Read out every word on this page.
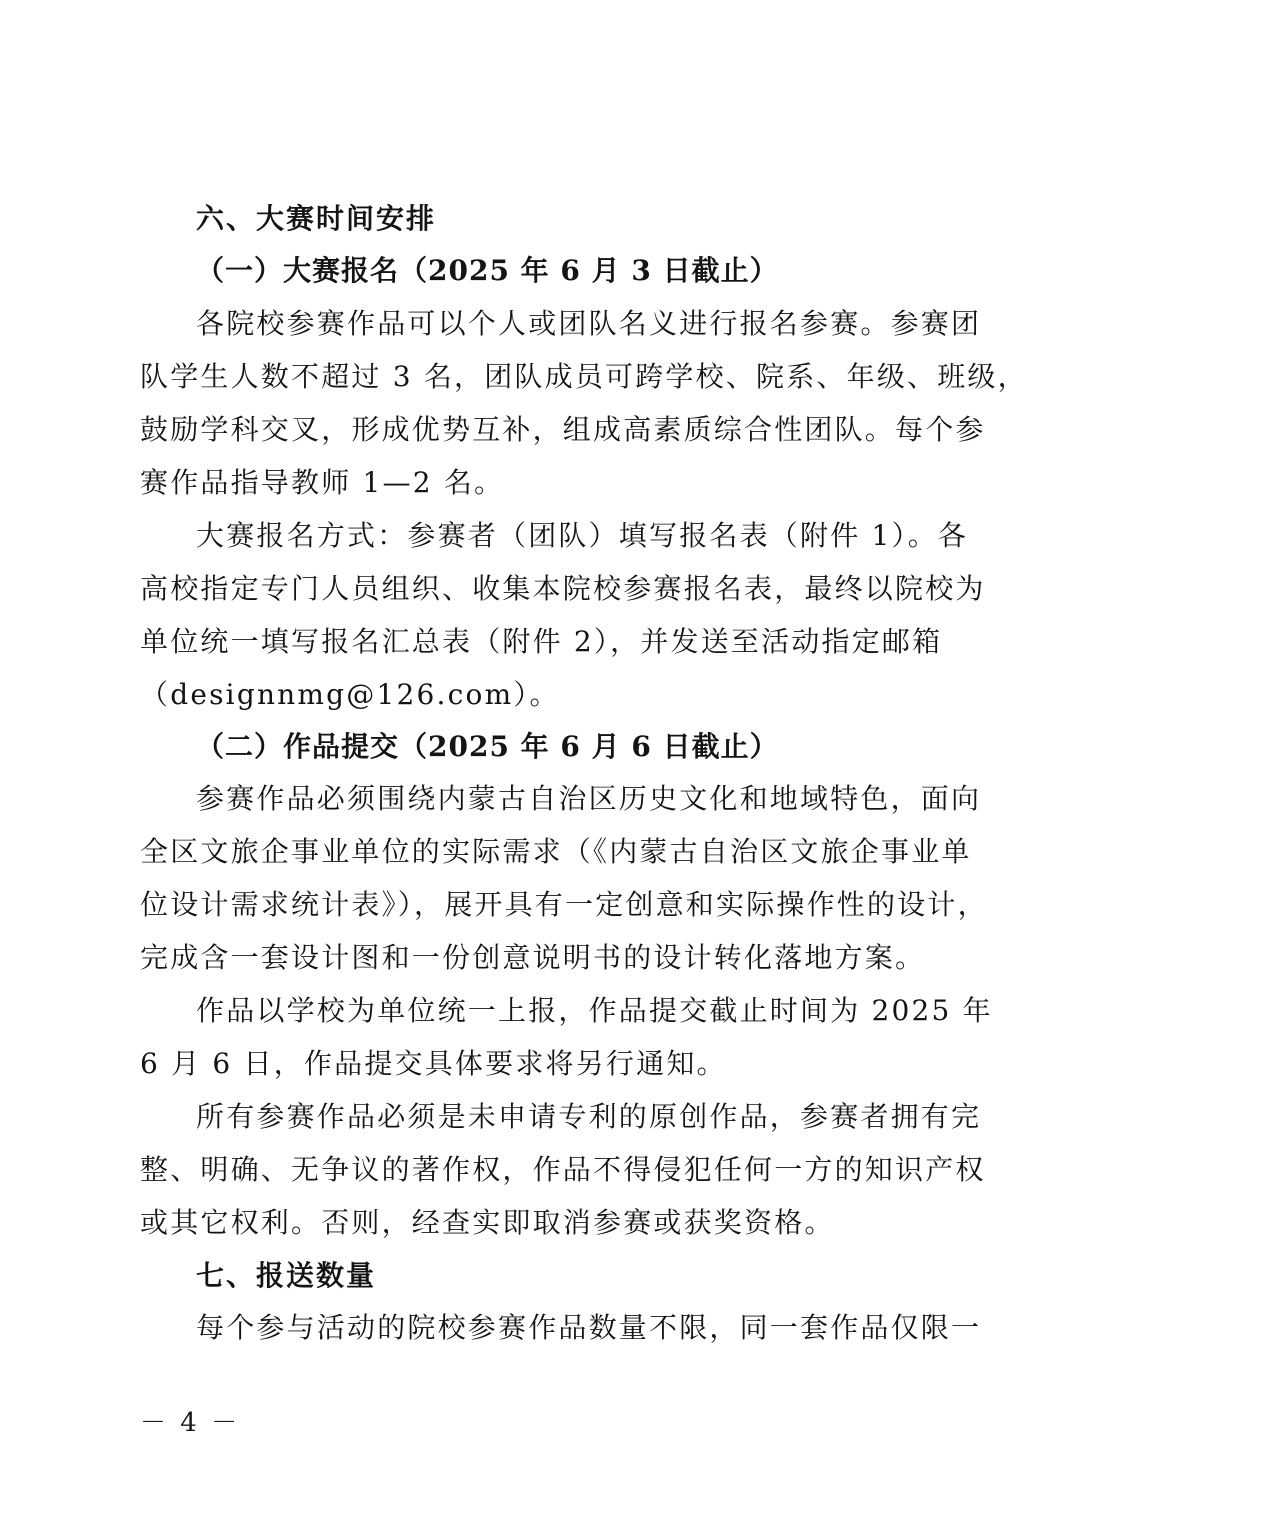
六、大赛时间安排
（一）大赛报名（2025 年 6 月 3 日截止）
各院校参赛作品可以个人或团队名义进行报名参赛。参赛团
队学生人数不超过 3 名，团队成员可跨学校、院系、年级、班级，
鼓励学科交叉，形成优势互补，组成高素质综合性团队。每个参
赛作品指导教师 1—2 名。
大赛报名方式：参赛者（团队）填写报名表（附件 1）。各
高校指定专门人员组织、收集本院校参赛报名表，最终以院校为
单位统一填写报名汇总表（附件 2），并发送至活动指定邮箱
（designnmg@126.com）。
（二）作品提交（2025 年 6 月 6 日截止）
参赛作品必须围绕内蒙古自治区历史文化和地域特色，面向
全区文旅企事业单位的实际需求（《内蒙古自治区文旅企事业单
位设计需求统计表》），展开具有一定创意和实际操作性的设计，
完成含一套设计图和一份创意说明书的设计转化落地方案。
作品以学校为单位统一上报，作品提交截止时间为 2025 年
6 月 6 日，作品提交具体要求将另行通知。
所有参赛作品必须是未申请专利的原创作品，参赛者拥有完
整、明确、无争议的著作权，作品不得侵犯任何一方的知识产权
或其它权利。否则，经查实即取消参赛或获奖资格。
七、报送数量
每个参与活动的院校参赛作品数量不限，同一套作品仅限一
－ 4 －
